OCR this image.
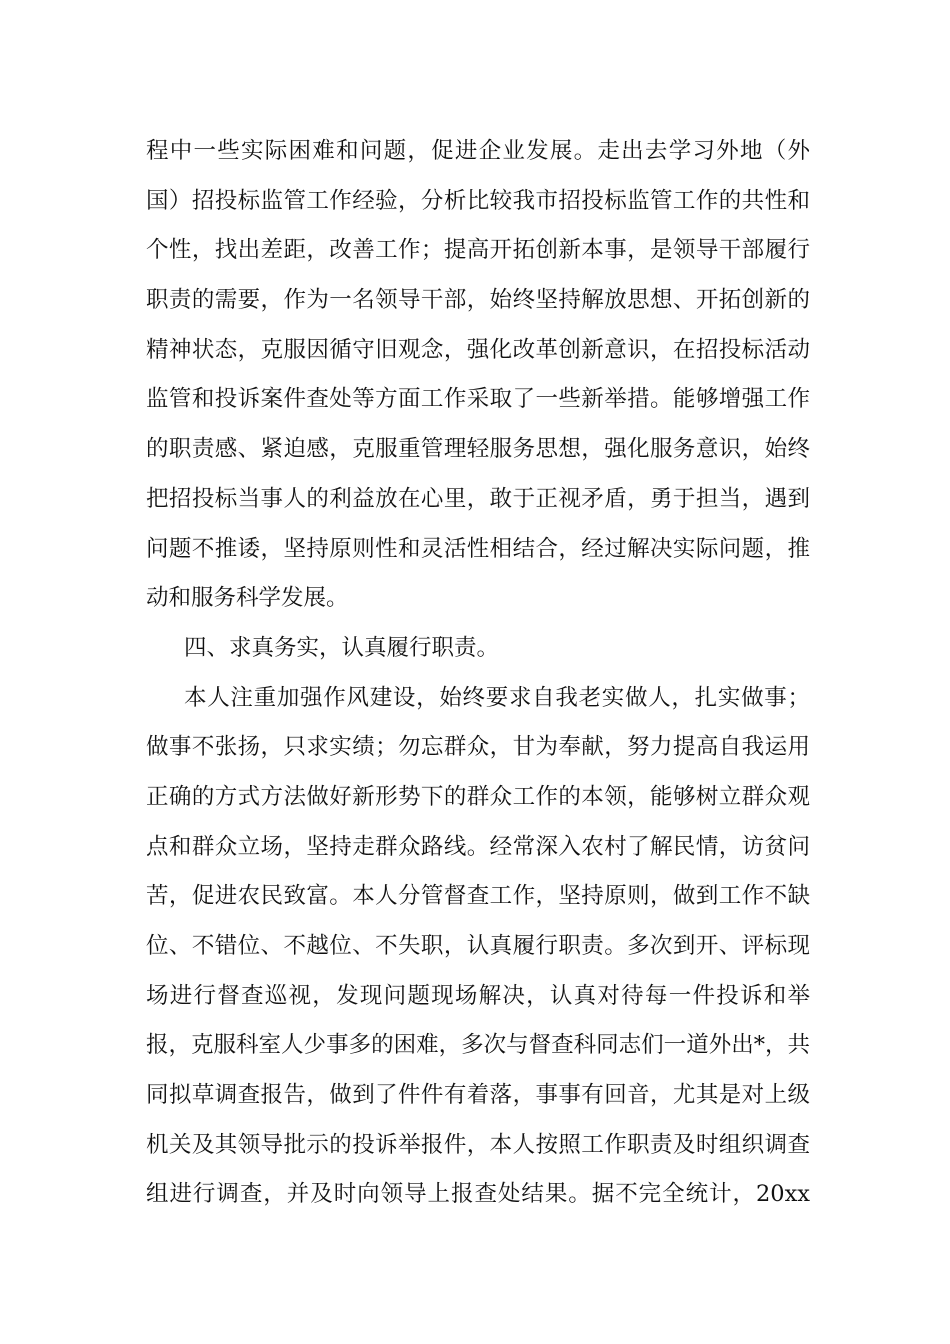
程中一些实际困难和问题，促进企业发展。走出去学习外地（外
国）招投标监管工作经验，分析比较我市招投标监管工作的共性和
个性，找出差距，改善工作；提高开拓创新本事，是领导干部履行
职责的需要，作为一名领导干部，始终坚持解放思想、开拓创新的
精神状态，克服因循守旧观念，强化改革创新意识，在招投标活动
监管和投诉案件查处等方面工作采取了一些新举措。能够增强工作
的职责感、紧迫感，克服重管理轻服务思想，强化服务意识，始终
把招投标当事人的利益放在心里，敢于正视矛盾，勇于担当，遇到
问题不推诿，坚持原则性和灵活性相结合，经过解决实际问题，推
动和服务科学发展。
四、求真务实，认真履行职责。
本人注重加强作风建设，始终要求自我老实做人，扎实做事；
做事不张扬，只求实绩；勿忘群众，甘为奉献，努力提高自我运用
正确的方式方法做好新形势下的群众工作的本领，能够树立群众观
点和群众立场，坚持走群众路线。经常深入农村了解民情，访贫问
苦，促进农民致富。本人分管督查工作，坚持原则，做到工作不缺
位、不错位、不越位、不失职，认真履行职责。多次到开、评标现
场进行督查巡视，发现问题现场解决，认真对待每一件投诉和举
报，克服科室人少事多的困难，多次与督查科同志们一道外出*，共
同拟草调查报告，做到了件件有着落，事事有回音，尤其是对上级
机关及其领导批示的投诉举报件，本人按照工作职责及时组织调查
组进行调查，并及时向领导上报查处结果。据不完全统计，20xx
